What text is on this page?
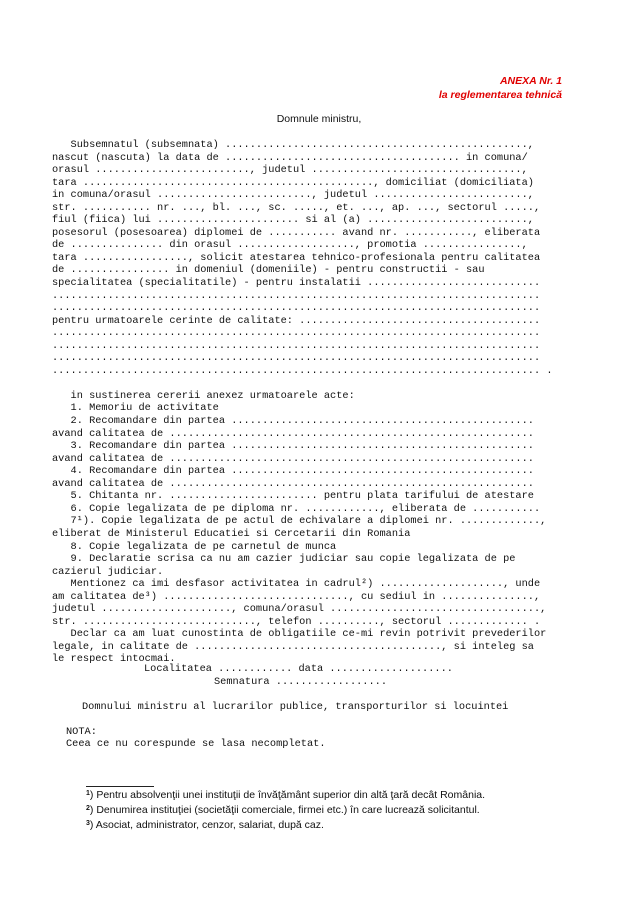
ANEXA Nr. 1
la reglementarea tehnică
Domnule ministru,
Subsemnatul (subsemnata) .................................................,
nascut (nascuta) la data de ...................................... in comuna/
orasul ........................., judetul ..................................,
tara ..............................................., domiciliat (domiciliata)
in comuna/orasul ........................., judetul .........................,
str. ........... nr. ..., bl. ..., sc. ....., et. ..., ap. ..., sectorul .....,
fiul (fiica) lui ....................... si al (a) ..........................,
posesorul (posesoarea) diplomei de ........... avand nr. ..........., eliberata
de ............... din orasul ..................., promotia ................,
tara ................., solicit atestarea tehnico-profesionala pentru calitatea
de ................ in domeniul (domeniile) - pentru constructii - sau
specialitatea (specialitatile) - pentru instalatii ............................
...............................................................................
...............................................................................
pentru urmatoarele cerinte de calitate: .......................................
...............................................................................
...............................................................................
...............................................................................
............................................................................... .

in sustinerea cererii anexez urmatoarele acte:
1. Memoriu de activitate
2. Recomandare din partea .................................................
avand calitatea de ...........................................................
3. Recomandare din partea .................................................
avand calitatea de ...........................................................
4. Recomandare din partea .................................................
avand calitatea de ...........................................................
5. Chitanta nr. ........................ pentru plata tarifului de atestare
6. Copie legalizata de pe diploma nr. ............, eliberata de ...........
7¹). Copie legalizata de pe actul de echivalare a diplomei nr. .............,
eliberat de Ministerul Educatiei si Cercetarii din Romania
8. Copie legalizata de pe carnetul de munca
9. Declaratie scrisa ca nu am cazier judiciar sau copie legalizata de pe
cazierul judiciar.
Mentionez ca imi desfasor activitatea in cadrul²) ...................., unde
am calitatea de³) .............................., cu sediul in ...............,
judetul ....................., comuna/orasul ..................................,
str. ............................, telefon .........., sectorul ............. .
Declar ca am luat cunostinta de obligatiile ce-mi revin potrivit prevederilor
legale, in calitate de ........................................, si inteleg sa
le respect intocmai.
Localitatea ............ data ....................
Semnatura ..................
Domnului ministru al lucrarilor publice, transporturilor si locuintei
NOTA:
Ceea ce nu corespunde se lasa necompletat.
$^1$) Pentru absolvenţii unei instituţii de învăţământ superior din altă ţară decât România.
$^2$) Denumirea instituţiei (societăţii comerciale, firmei etc.) în care lucrează solicitantul.
$^3$) Asociat, administrator, cenzor, salariat, după caz.
